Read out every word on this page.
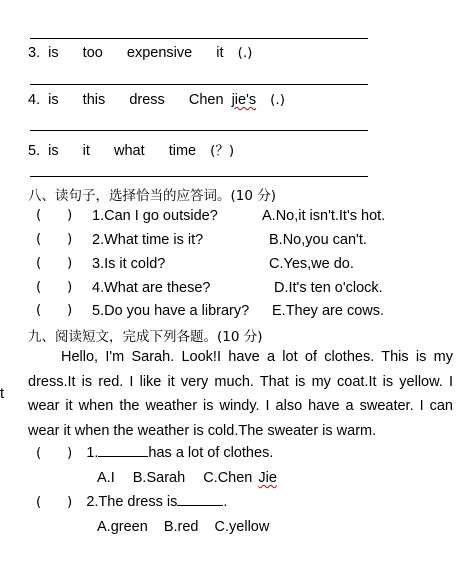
3. is   too   expensive   it (.)
4. is   this   dress   Chen jie's (.)
5. is   it   what   time (？)
八、读句子，选择恰当的应答词。(10 分)
(      ) 1.Can I go outside?	A.No,it isn't.It's hot.
(      ) 2.What time is it?	B.No,you can't.
(      ) 3.Is it cold?	C.Yes,we do.
(      ) 4.What are these?	D.It's ten o'clock.
(      ) 5.Do you have a library? E.They are cows.
九、阅读短文，完成下列各题。(10 分)
t
Hello, I'm Sarah. Look!I have a lot of clothes. This is my dress.It is red. I like it very much. That is my coat.It is yellow. I wear it when the weather is windy. I also have a sweater. I can wear it when the weather is cold.The sweater is warm.
(      ) 1.	has a lot of clothes.
A.I B.Sarah C.Chen Jie
(      ) 2.The dress is	.
A.green B.red C.yellow
